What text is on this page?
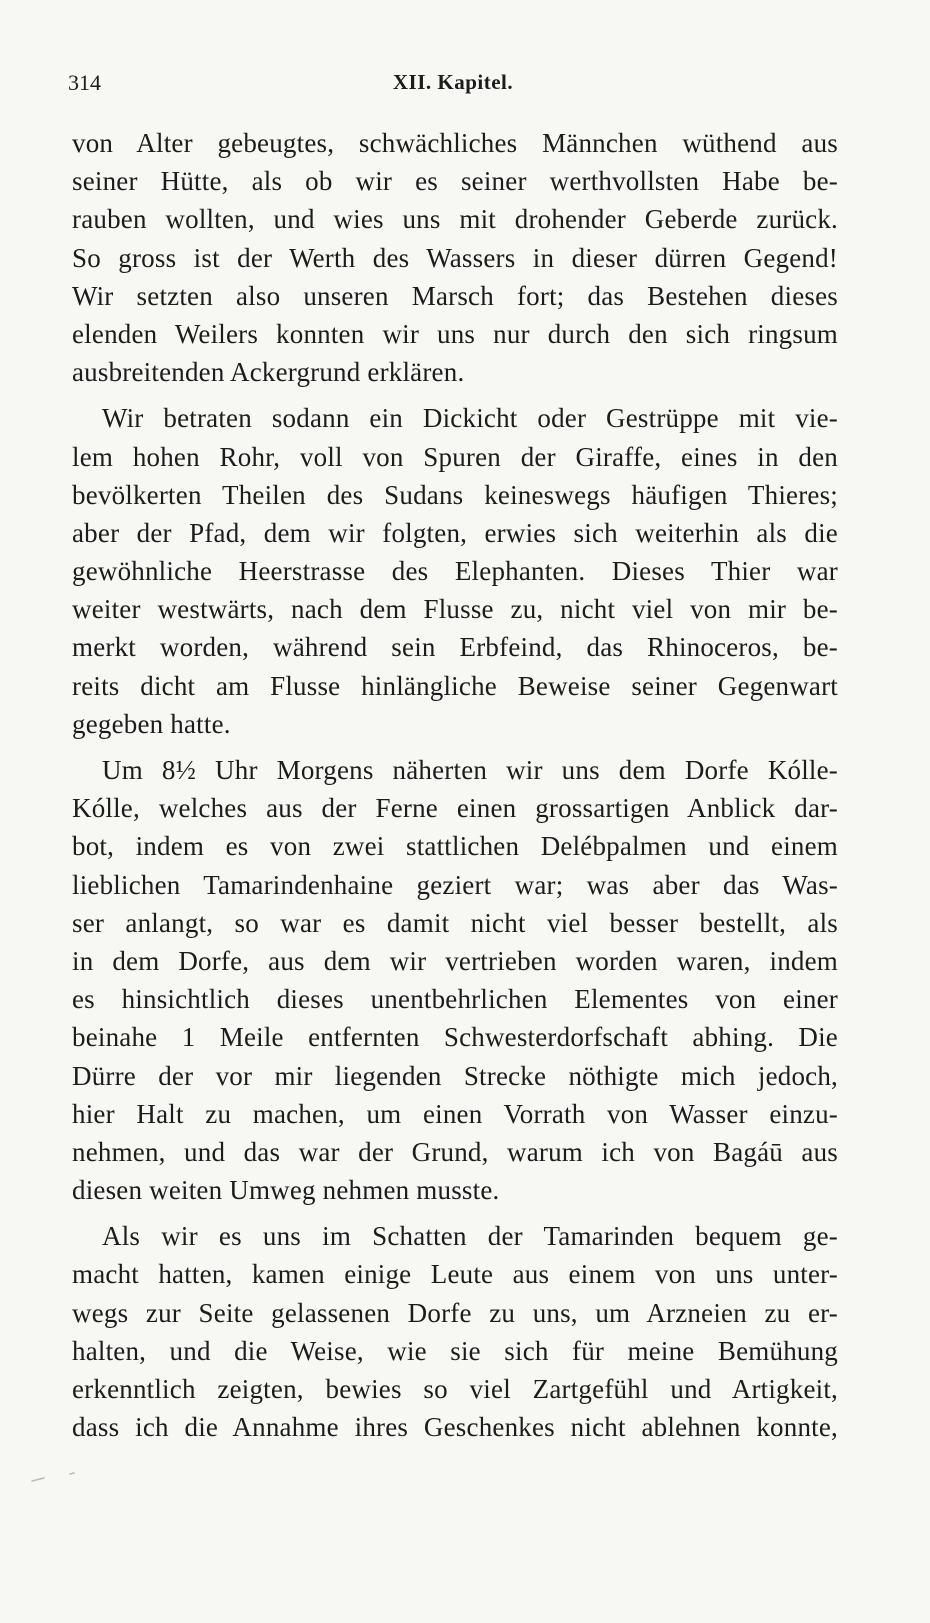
314	XII. Kapitel.

von Alter gebeugtes, schwächliches Männchen wüthend aus
seiner Hütte, als ob wir es seiner werthvollsten Habe be-
rauben wollten, und wies uns mit drohender Geberde zurück.
So gross ist der Werth des Wassers in dieser dürren Gegend!
Wir setzten also unseren Marsch fort; das Bestehen dieses
elenden Weilers konnten wir uns nur durch den sich ringsum
ausbreitenden Ackergrund erklären.

Wir betraten sodann ein Dickicht oder Gestrüppe mit vie-
lem hohen Rohr, voll von Spuren der Giraffe, eines in den
bevölkerten Theilen des Sudans keineswegs häufigen Thieres;
aber der Pfad, dem wir folgten, erwies sich weiterhin als die
gewöhnliche Heerstrasse des Elephanten. Dieses Thier war
weiter westwärts, nach dem Flusse zu, nicht viel von mir be-
merkt worden, während sein Erbfeind, das Rhinoceros, be-
reits dicht am Flusse hinlängliche Beweise seiner Gegenwart
gegeben hatte.

Um 8½ Uhr Morgens näherten wir uns dem Dorfe Kólle-
Kólle, welches aus der Ferne einen grossartigen Anblick dar-
bot, indem es von zwei stattlichen Delébpalmen und einem
lieblichen Tamarindenhaine geziert war; was aber das Was-
ser anlangt, so war es damit nicht viel besser bestellt, als
in dem Dorfe, aus dem wir vertrieben worden waren, indem
es hinsichtlich dieses unentbehrlichen Elementes von einer
beinahe 1 Meile entfernten Schwesterdorfschaft abhing. Die
Dürre der vor mir liegenden Strecke nöthigte mich jedoch,
hier Halt zu machen, um einen Vorrath von Wasser einzu-
nehmen, und das war der Grund, warum ich von Bagáū aus
diesen weiten Umweg nehmen musste.

Als wir es uns im Schatten der Tamarinden bequem ge-
macht hatten, kamen einige Leute aus einem von uns unter-
wegs zur Seite gelassenen Dorfe zu uns, um Arzneien zu er-
halten, und die Weise, wie sie sich für meine Bemühung
erkenntlich zeigten, bewies so viel Zartgefühl und Artigkeit,
dass ich die Annahme ihres Geschenkes nicht ablehnen konnte,
